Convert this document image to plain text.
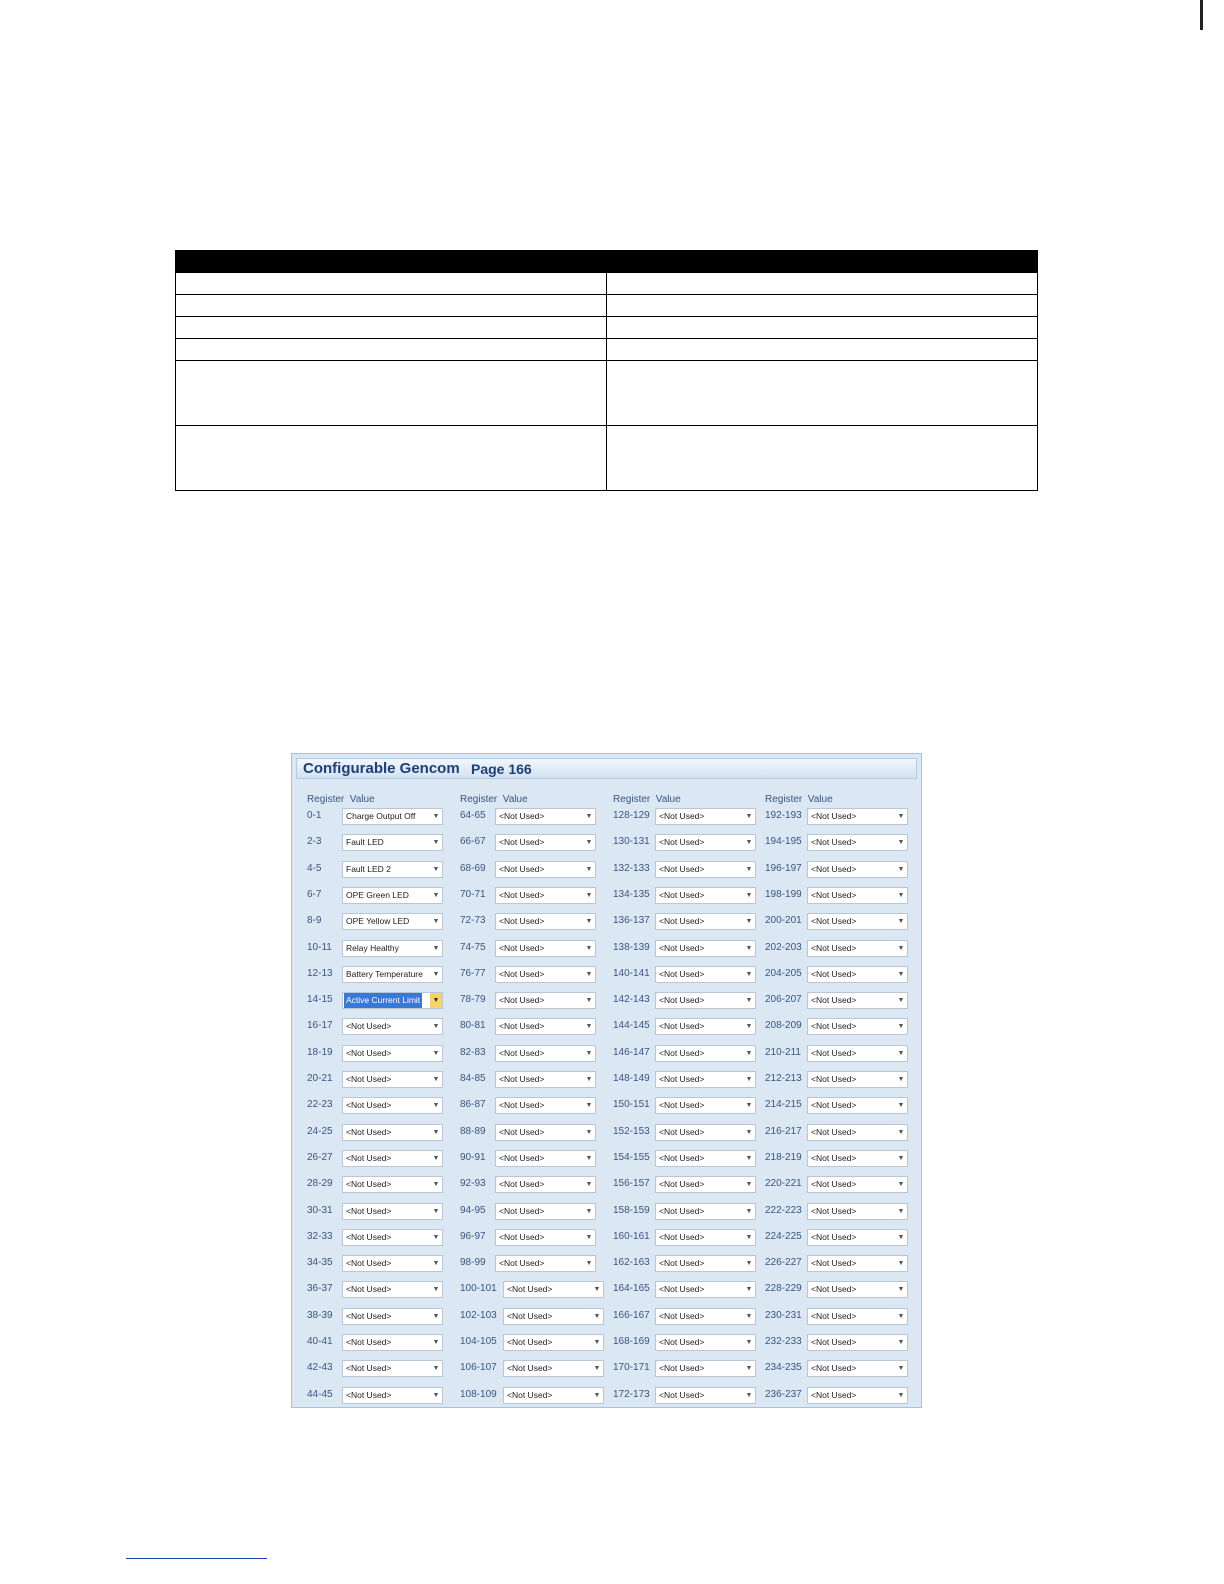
Configurable Gencom Page 166
Register  Value
0-1	Charge Output Off	▼
2-3	Fault LED	▼
4-5	Fault LED 2	▼
6-7	OPE Green LED	▼
8-9	OPE Yellow LED	▼
10-11	Relay Healthy	▼
12-13	Battery Temperature	▼
14-15	Active Current Limit	▼
16-17	<Not Used>	▼
18-19	<Not Used>	▼
20-21	<Not Used>	▼
22-23	<Not Used>	▼
24-25	<Not Used>	▼
26-27	<Not Used>	▼
28-29	<Not Used>	▼
30-31	<Not Used>	▼
32-33	<Not Used>	▼
34-35	<Not Used>	▼
36-37	<Not Used>	▼
38-39	<Not Used>	▼
40-41	<Not Used>	▼
42-43	<Not Used>	▼
44-45	<Not Used>	▼
Register  Value
64-65	<Not Used>	▼
66-67	<Not Used>	▼
68-69	<Not Used>	▼
70-71	<Not Used>	▼
72-73	<Not Used>	▼
74-75	<Not Used>	▼
76-77	<Not Used>	▼
78-79	<Not Used>	▼
80-81	<Not Used>	▼
82-83	<Not Used>	▼
84-85	<Not Used>	▼
86-87	<Not Used>	▼
88-89	<Not Used>	▼
90-91	<Not Used>	▼
92-93	<Not Used>	▼
94-95	<Not Used>	▼
96-97	<Not Used>	▼
98-99	<Not Used>	▼
100-101	<Not Used>	▼
102-103	<Not Used>	▼
104-105	<Not Used>	▼
106-107	<Not Used>	▼
108-109	<Not Used>	▼
Register  Value
128-129	<Not Used>	▼
130-131	<Not Used>	▼
132-133	<Not Used>	▼
134-135	<Not Used>	▼
136-137	<Not Used>	▼
138-139	<Not Used>	▼
140-141	<Not Used>	▼
142-143	<Not Used>	▼
144-145	<Not Used>	▼
146-147	<Not Used>	▼
148-149	<Not Used>	▼
150-151	<Not Used>	▼
152-153	<Not Used>	▼
154-155	<Not Used>	▼
156-157	<Not Used>	▼
158-159	<Not Used>	▼
160-161	<Not Used>	▼
162-163	<Not Used>	▼
164-165	<Not Used>	▼
166-167	<Not Used>	▼
168-169	<Not Used>	▼
170-171	<Not Used>	▼
172-173	<Not Used>	▼
Register  Value
192-193	<Not Used>	▼
194-195	<Not Used>	▼
196-197	<Not Used>	▼
198-199	<Not Used>	▼
200-201	<Not Used>	▼
202-203	<Not Used>	▼
204-205	<Not Used>	▼
206-207	<Not Used>	▼
208-209	<Not Used>	▼
210-211	<Not Used>	▼
212-213	<Not Used>	▼
214-215	<Not Used>	▼
216-217	<Not Used>	▼
218-219	<Not Used>	▼
220-221	<Not Used>	▼
222-223	<Not Used>	▼
224-225	<Not Used>	▼
226-227	<Not Used>	▼
228-229	<Not Used>	▼
230-231	<Not Used>	▼
232-233	<Not Used>	▼
234-235	<Not Used>	▼
236-237	<Not Used>	▼
